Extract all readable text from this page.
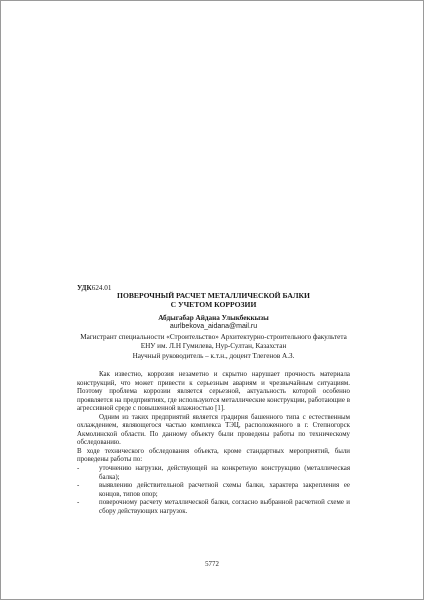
УДК624.01
ПОВЕРОЧНЫЙ РАСЧЕТ МЕТАЛЛИЧЕСКОЙ БАЛКИ
С УЧЕТОМ КОРРОЗИИ
Абдыгабар Айдана Улыкбеккызы
aurlbekova_aidana@mail.ru
Магистрант специальности «Строительство» Архитектурно-строительного факультета
ЕНУ им. Л.Н Гумилева, Нур-Султан, Казахстан
Научный руководитель – к.т.н., доцент Тлегенов А.З.

Как известно, коррозия незаметно и скрытно нарушает прочность материала конструкций, что может привести к серьезным авариям и чрезвычайным ситуациям. Поэтому проблема коррозии является серьезной, актуальность которой особенно проявляется на предприятиях, где используются металлические конструкции, работающие в агрессивной среде с повышенной влажностью [1].

Одним из таких предприятий является градирня башенного типа с естественным охлаждением, являющегося частью комплекса ТЭЦ, расположенного в г. Степногорск Акмолинской области. По данному объекту были проведены работы по техническому обследованию.

В ходе технического обследования объекта, кроме стандартных мероприятий, были проведены работы по:

-	уточнению нагрузки, действующей на конкретную конструкцию (металлическая балка);
-	выявлению действительной расчетной схемы балки, характера закрепления ее концов, типов опор;
-	поверочному расчету металлической балки, согласно выбранной расчетной схеме и сбору действующих нагрузок.
5772
